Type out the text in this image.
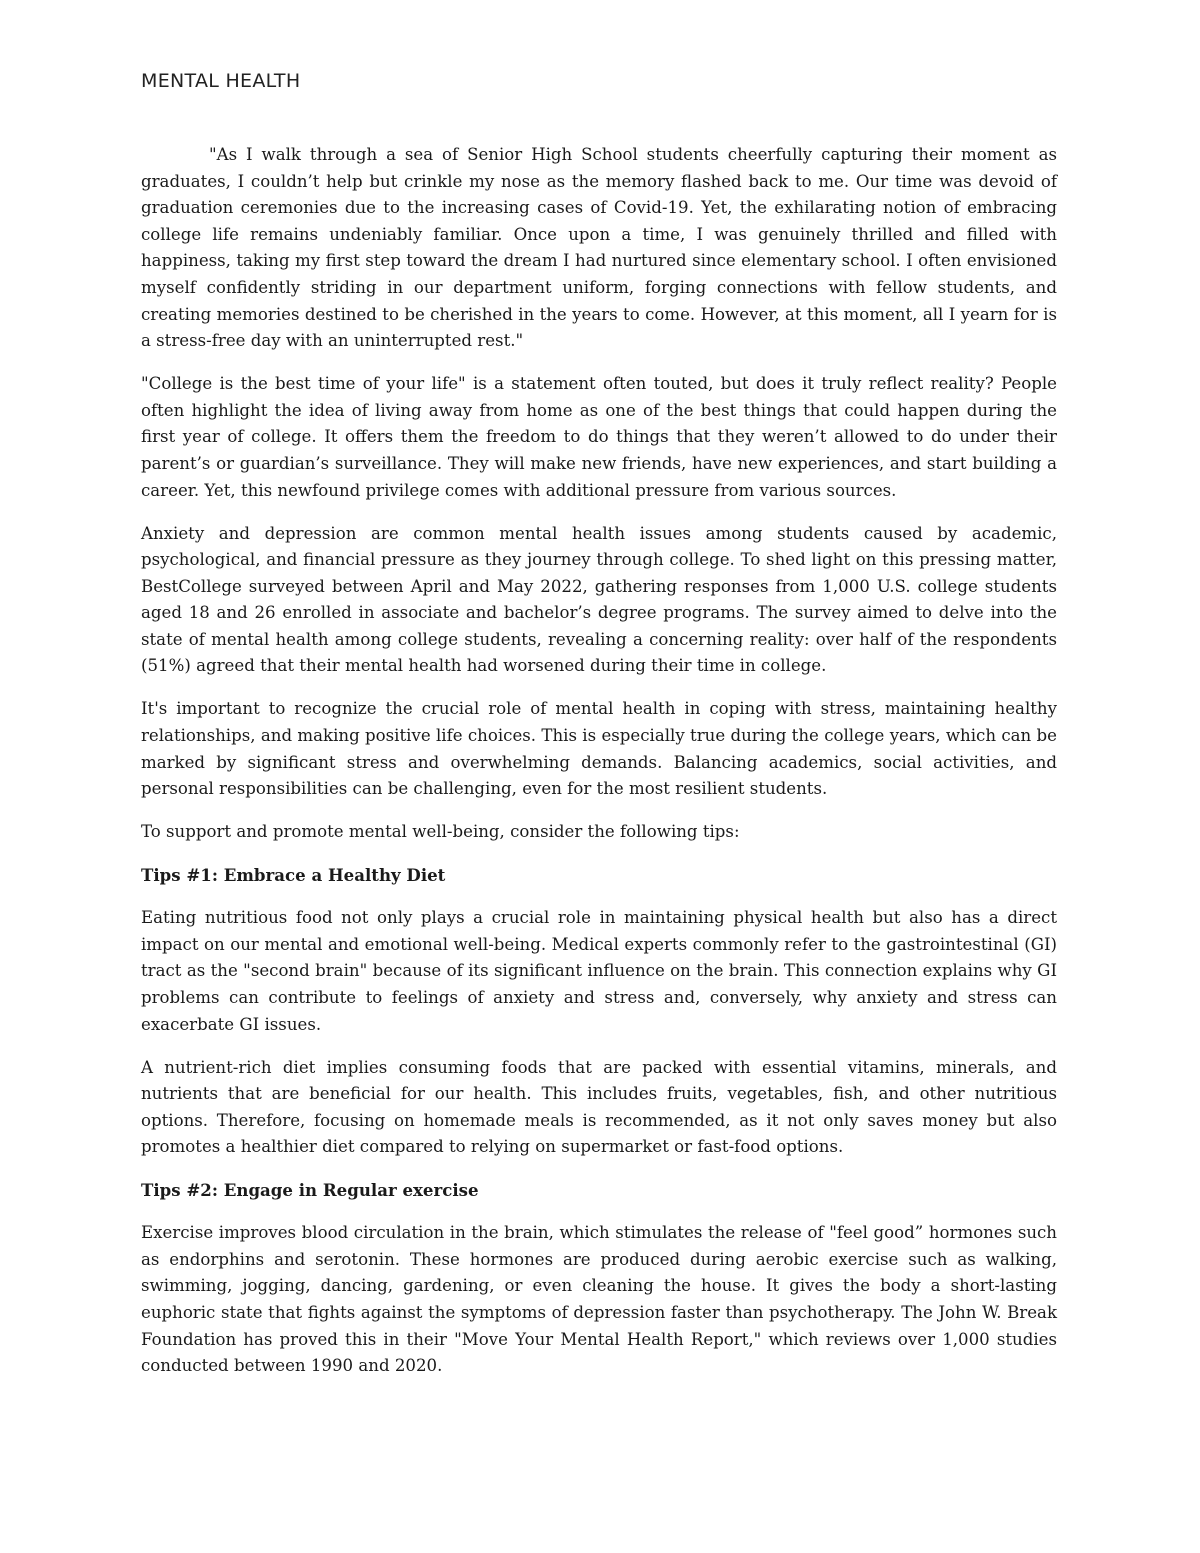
MENTAL HEALTH

"As I walk through a sea of Senior High School students cheerfully capturing their moment as graduates, I couldn’t help but crinkle my nose as the memory flashed back to me. Our time was devoid of graduation ceremonies due to the increasing cases of Covid-19. Yet, the exhilarating notion of embracing college life remains undeniably familiar. Once upon a time, I was genuinely thrilled and filled with happiness, taking my first step toward the dream I had nurtured since elementary school. I often envisioned myself confidently striding in our department uniform, forging connections with fellow students, and creating memories destined to be cherished in the years to come. However, at this moment, all I yearn for is a stress-free day with an uninterrupted rest."

"College is the best time of your life" is a statement often touted, but does it truly reflect reality? People often highlight the idea of living away from home as one of the best things that could happen during the first year of college. It offers them the freedom to do things that they weren’t allowed to do under their parent’s or guardian’s surveillance. They will make new friends, have new experiences, and start building a career. Yet, this newfound privilege comes with additional pressure from various sources.

Anxiety and depression are common mental health issues among students caused by academic, psychological, and financial pressure as they journey through college. To shed light on this pressing matter, BestCollege surveyed between April and May 2022, gathering responses from 1,000 U.S. college students aged 18 and 26 enrolled in associate and bachelor’s degree programs. The survey aimed to delve into the state of mental health among college students, revealing a concerning reality: over half of the respondents (51%) agreed that their mental health had worsened during their time in college.

It's important to recognize the crucial role of mental health in coping with stress, maintaining healthy relationships, and making positive life choices. This is especially true during the college years, which can be marked by significant stress and overwhelming demands. Balancing academics, social activities, and personal responsibilities can be challenging, even for the most resilient students.

To support and promote mental well-being, consider the following tips:

Tips #1: Embrace a Healthy Diet

Eating nutritious food not only plays a crucial role in maintaining physical health but also has a direct impact on our mental and emotional well-being. Medical experts commonly refer to the gastrointestinal (GI) tract as the "second brain" because of its significant influence on the brain. This connection explains why GI problems can contribute to feelings of anxiety and stress and, conversely, why anxiety and stress can exacerbate GI issues.

A nutrient-rich diet implies consuming foods that are packed with essential vitamins, minerals, and nutrients that are beneficial for our health. This includes fruits, vegetables, fish, and other nutritious options. Therefore, focusing on homemade meals is recommended, as it not only saves money but also promotes a healthier diet compared to relying on supermarket or fast-food options.

Tips #2: Engage in Regular exercise

Exercise improves blood circulation in the brain, which stimulates the release of "feel good” hormones such as endorphins and serotonin. These hormones are produced during aerobic exercise such as walking, swimming, jogging, dancing, gardening, or even cleaning the house. It gives the body a short-lasting euphoric state that fights against the symptoms of depression faster than psychotherapy. The John W. Break Foundation has proved this in their "Move Your Mental Health Report," which reviews over 1,000 studies conducted between 1990 and 2020.
